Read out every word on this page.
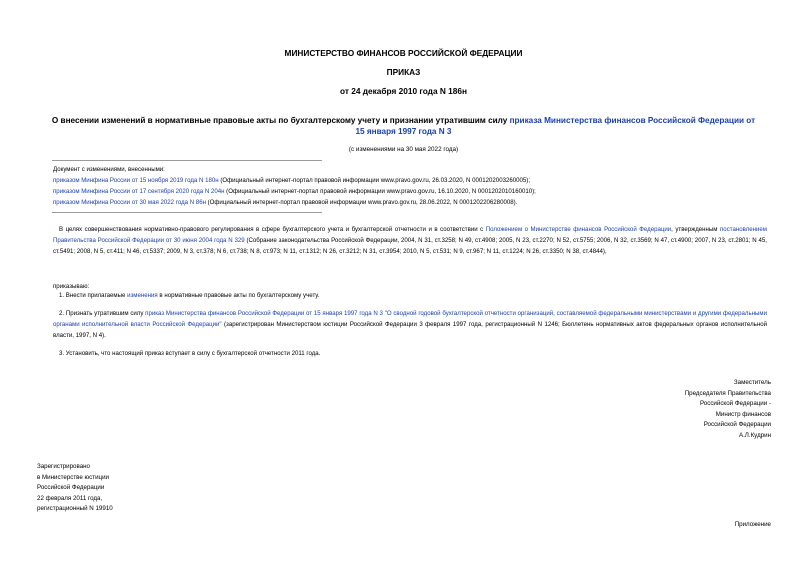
МИНИСТЕРСТВО ФИНАНСОВ РОССИЙСКОЙ ФЕДЕРАЦИИ
ПРИКАЗ
от 24 декабря 2010 года N 186н
О внесении изменений в нормативные правовые акты по бухгалтерскому учету и признании утратившим силу приказа Министерства финансов Российской Федерации от 15 января 1997 года N 3
(с изменениями на 30 мая 2022 года)
Документ с изменениями, внесенными:
приказом Минфина России от 15 ноября 2019 года N 180н (Официальный интернет-портал правовой информации www.pravo.gov.ru, 26.03.2020, N 0001202003260005);
приказом Минфина России от 17 сентября 2020 года N 204н (Официальный интернет-портал правовой информации www.pravo.gov.ru, 16.10.2020, N 0001202010160010);
приказом Минфина России от 30 мая 2022 года N 86н (Официальный интернет-портал правовой информации www.pravo.gov.ru, 28.06.2022, N 0001202206280008).
В целях совершенствования нормативно-правового регулирования в сфере бухгалтерского учета и бухгалтерской отчетности и в соответствии с Положением о Министерстве финансов Российской Федерации, утвержденным постановлением Правительства Российской Федерации от 30 июня 2004 года N 329 (Собрание законодательства Российской Федерации, 2004, N 31, ст.3258; N 49, ст.4908; 2005, N 23, ст.2270; N 52, ст.5755; 2006, N 32, ст.3569; N 47, ст.4900; 2007, N 23, ст.2801; N 45, ст.5491; 2008, N 5, ст.411; N 46, ст.5337; 2009, N 3, ст.378; N 6, ст.738; N 8, ст.973; N 11, ст.1312; N 26, ст.3212; N 31, ст.3954; 2010, N 5, ст.531; N 9, ст.967; N 11, ст.1224; N 26, ст.3350; N 38, ст.4844),
приказываю:
1. Внести прилагаемые изменения в нормативные правовые акты по бухгалтерскому учету.
2. Признать утратившим силу приказ Министерства финансов Российской Федерации от 15 января 1997 года N 3 "О сводной годовой бухгалтерской отчетности организаций, составляемой федеральными министерствами и другими федеральными органами исполнительной власти Российской Федерации" (зарегистрирован Министерством юстиции Российской Федерации 3 февраля 1997 года, регистрационный N 1246; Бюллетень нормативных актов федеральных органов исполнительной власти, 1997, N 4).
3. Установить, что настоящий приказ вступает в силу с бухгалтерской отчетности 2011 года.
Заместитель
Председателя Правительства
Российской Федерации -
Министр финансов
Российской Федерации
А.Л.Кудрин
Зарегистрировано
в Министерстве юстиции
Российской Федерации
22 февраля 2011 года,
регистрационный N 19910
Приложение
